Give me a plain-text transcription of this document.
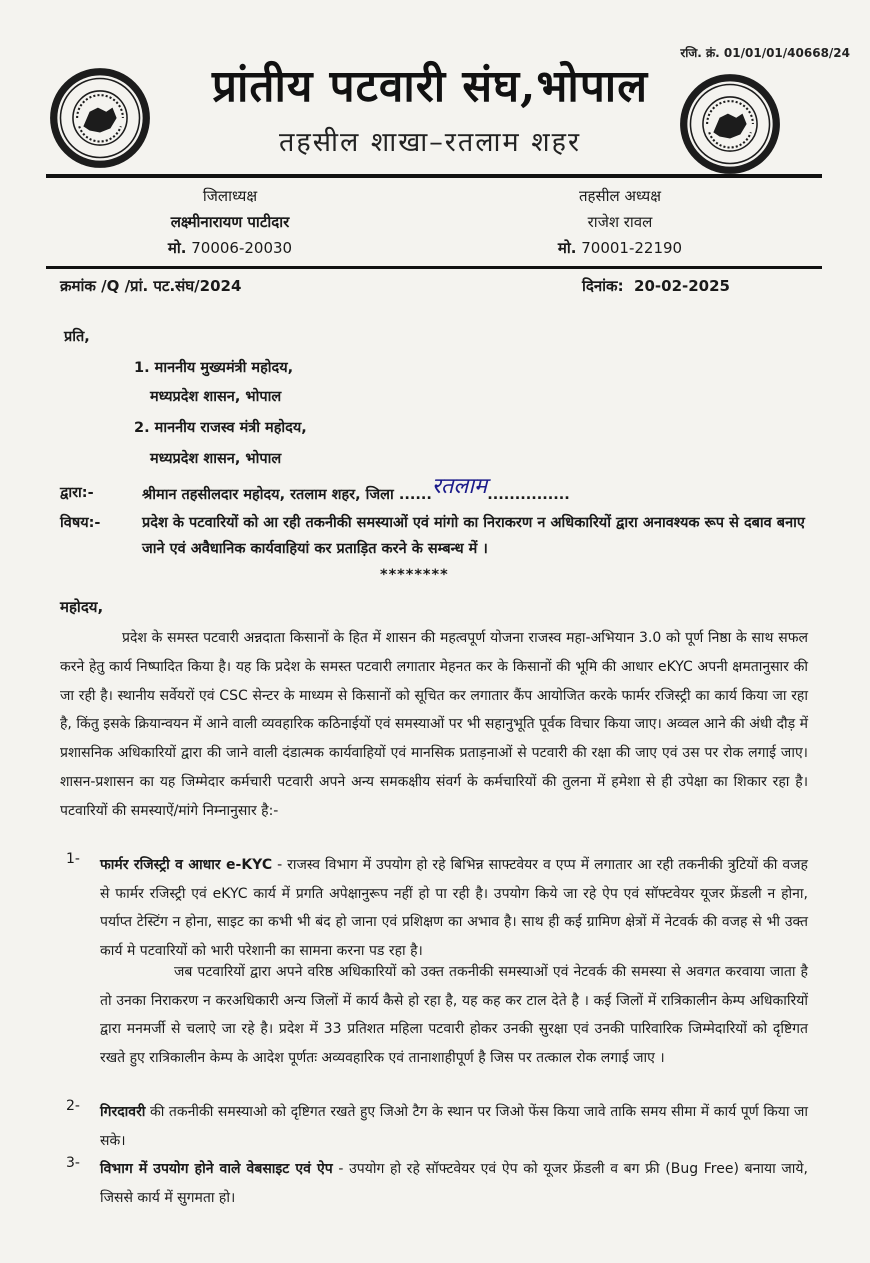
रजि. क्रं. 01/01/01/40668/24
प्रांतीय पटवारी संघ,भोपाल
तहसील शाखा–रतलाम शहर
जिलाध्यक्ष
लक्ष्मीनारायण पाटीदार
मो. 70006-20030
तहसील अध्यक्ष
राजेश रावल
मो. 70001-22190
क्रमांक /Q /प्रां. पट.संघ/2024	दिनांक: 20-02-2025
प्रति,
1. माननीय मुख्यमंत्री महोदय,
मध्यप्रदेश शासन, भोपाल
2. माननीय राजस्व मंत्री महोदय,
मध्यप्रदेश शासन, भोपाल
द्वारा:-	श्रीमान तहसीलदार महोदय, रतलाम शहर, जिला ......रतलाम...............
विषय:-	प्रदेश के पटवारियों को आ रही तकनीकी समस्याओं एवं मांगो का निराकरण न अधिकारियों द्वारा अनावश्यक रूप से दबाव बनाए जाने एवं अवैधानिक कार्यवाहियां कर प्रताड़ित करने के सम्बन्ध में ।
********
महोदय,
प्रदेश के समस्त पटवारी अन्नदाता किसानों के हित में शासन की महत्वपूर्ण योजना राजस्व महा-अभियान 3.0 को पूर्ण निष्ठा के साथ सफल करने हेतु कार्य निष्पादित किया है। यह कि प्रदेश के समस्त पटवारी लगातार मेहनत कर के किसानों की भूमि की आधार eKYC अपनी क्षमतानुसार की जा रही है। स्थानीय सर्वेयरों एवं CSC सेन्टर के माध्यम से किसानों को सूचित कर लगातार कैंप आयोजित करके फार्मर रजिस्ट्री का कार्य किया जा रहा है, किंतु इसके क्रियान्वयन में आने वाली व्यवहारिक कठिनाईयों एवं समस्याओं पर भी सहानुभूति पूर्वक विचार किया जाए। अव्वल आने की अंधी दौड़ में प्रशासनिक अधिकारियों द्वारा की जाने वाली दंडात्मक कार्यवाहियों एवं मानसिक प्रताड़नाओं से पटवारी की रक्षा की जाए एवं उस पर रोक लगाई जाए। शासन-प्रशासन का यह जिम्मेदार कर्मचारी पटवारी अपने अन्य समकक्षीय संवर्ग के कर्मचारियों की तुलना में हमेशा से ही उपेक्षा का शिकार रहा है। पटवारियों की समस्याऐं/मांगे निम्नानुसार है:-
1- फार्मर रजिस्ट्री व आधार e-KYC - राजस्व विभाग में उपयोग हो रहे बिभिन्न साफ्टवेयर व एप्प में लगातार आ रही तकनीकी त्रुटियों की वजह से फार्मर रजिस्ट्री एवं eKYC कार्य में प्रगति अपेक्षानुरूप नहीं हो पा रही है। उपयोग किये जा रहे ऐप एवं सॉफ्टवेयर यूजर फ्रेंडली न होना, पर्याप्त टेस्टिंग न होना, साइट का कभी भी बंद हो जाना एवं प्रशिक्षण का अभाव है। साथ ही कई ग्रामिण क्षेत्रों में नेटवर्क की वजह से भी उक्त कार्य मे पटवारियों को भारी परेशानी का सामना करना पड रहा है।
जब पटवारियों द्वारा अपने वरिष्ठ अधिकारियों को उक्त तकनीकी समस्याओं एवं नेटवर्क की समस्या से अवगत करवाया जाता है तो उनका निराकरण न करअधिकारी अन्य जिलों में कार्य कैसे हो रहा है, यह कह कर टाल देते है । कई जिलों में रात्रिकालीन केम्प अधिकारियों द्वारा मनमर्जी से चलाऐ जा रहे है। प्रदेश में 33 प्रतिशत महिला पटवारी होकर उनकी सुरक्षा एवं उनकी पारिवारिक जिम्मेदारियों को दृष्टिगत रखते हुए रात्रिकालीन केम्प के आदेश पूर्णतः अव्यवहारिक एवं तानाशाहीपूर्ण है जिस पर तत्काल रोक लगाई जाए ।
2- गिरदावरी की तकनीकी समस्याओ को दृष्टिगत रखते हुए जिओ टैग के स्थान पर जिओ फेंस किया जावे ताकि समय सीमा में कार्य पूर्ण किया जा सके।
3- विभाग में उपयोग होने वाले वेबसाइट एवं ऐप - उपयोग हो रहे सॉफ्टवेयर एवं ऐप को यूजर फ्रेंडली व बग फ्री (Bug Free) बनाया जाये, जिससे कार्य में सुगमता हो।
